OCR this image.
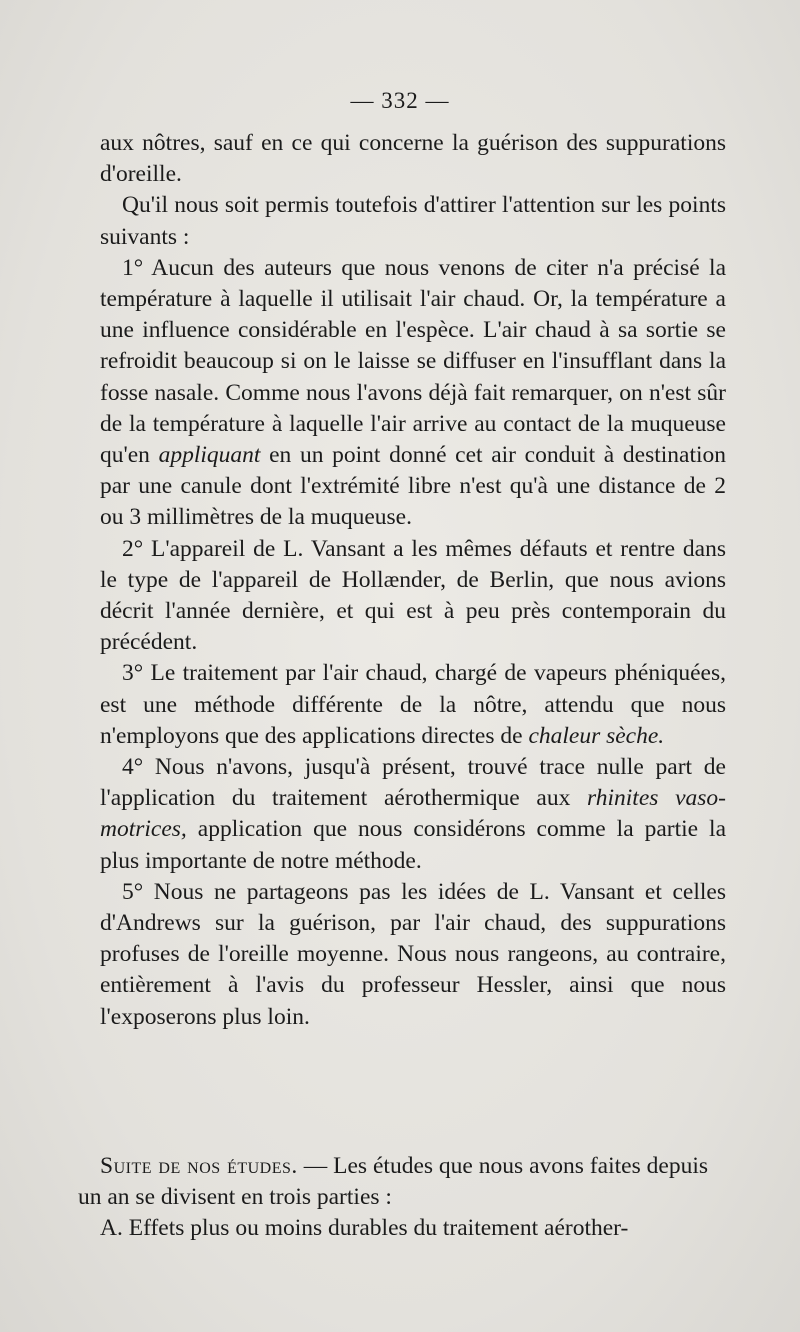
— 332 —

aux nôtres, sauf en ce qui concerne la guérison des suppurations d'oreille.

Qu'il nous soit permis toutefois d'attirer l'attention sur les points suivants :

1° Aucun des auteurs que nous venons de citer n'a précisé la température à laquelle il utilisait l'air chaud. Or, la température a une influence considérable en l'espèce. L'air chaud à sa sortie se refroidit beaucoup si on le laisse se diffuser en l'insufflant dans la fosse nasale. Comme nous l'avons déjà fait remarquer, on n'est sûr de la température à laquelle l'air arrive au contact de la muqueuse qu'en appliquant en un point donné cet air conduit à destination par une canule dont l'extrémité libre n'est qu'à une distance de 2 ou 3 millimètres de la muqueuse.

2° L'appareil de L. Vansant a les mêmes défauts et rentre dans le type de l'appareil de Hollænder, de Berlin, que nous avions décrit l'année dernière, et qui est à peu près contemporain du précédent.

3° Le traitement par l'air chaud, chargé de vapeurs phéniquées, est une méthode différente de la nôtre, attendu que nous n'employons que des applications directes de chaleur sèche.

4° Nous n'avons, jusqu'à présent, trouvé trace nulle part de l'application du traitement aérothermique aux rhinites vaso-motrices, application que nous considérons comme la partie la plus importante de notre méthode.

5° Nous ne partageons pas les idées de L. Vansant et celles d'Andrews sur la guérison, par l'air chaud, des suppurations profuses de l'oreille moyenne. Nous nous rangeons, au contraire, entièrement à l'avis du professeur Hessler, ainsi que nous l'exposerons plus loin.

Suite de nos études. — Les études que nous avons faites depuis un an se divisent en trois parties :

A. Effets plus ou moins durables du traitement aérother-
